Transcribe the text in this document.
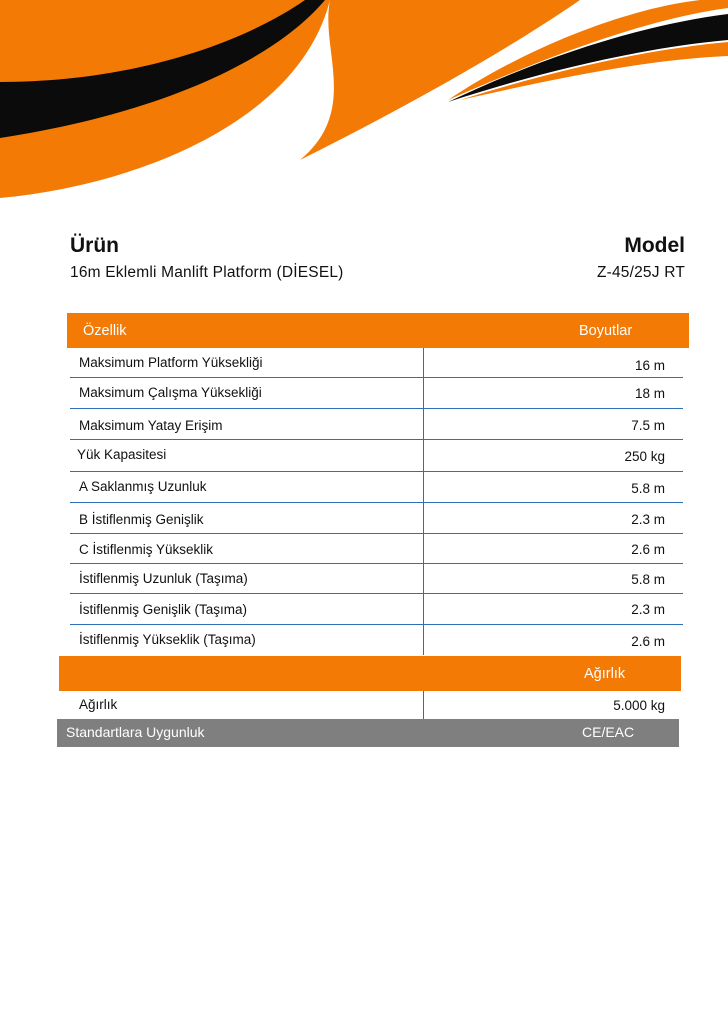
Ürün
16m Eklemli Manlift Platform (DİESEL)
Model
Z-45/25J RT
Özellik	Boyutlar
Maksimum Platform Yüksekliği	16 m
Maksimum Çalışma Yüksekliği	18 m
Maksimum Yatay Erişim	7.5 m
Yük Kapasitesi	250 kg
A Saklanmış Uzunluk	5.8 m
B İstiflenmiş Genişlik	2.3 m
C İstiflenmiş Yükseklik	2.6 m
İstiflenmiş Uzunluk (Taşıma)	5.8 m
İstiflenmiş Genişlik (Taşıma)	2.3 m
İstiflenmiş Yükseklik (Taşıma)	2.6 m
Ağırlık
Ağırlık	5.000 kg
Standartlara Uygunluk	CE/EAC
